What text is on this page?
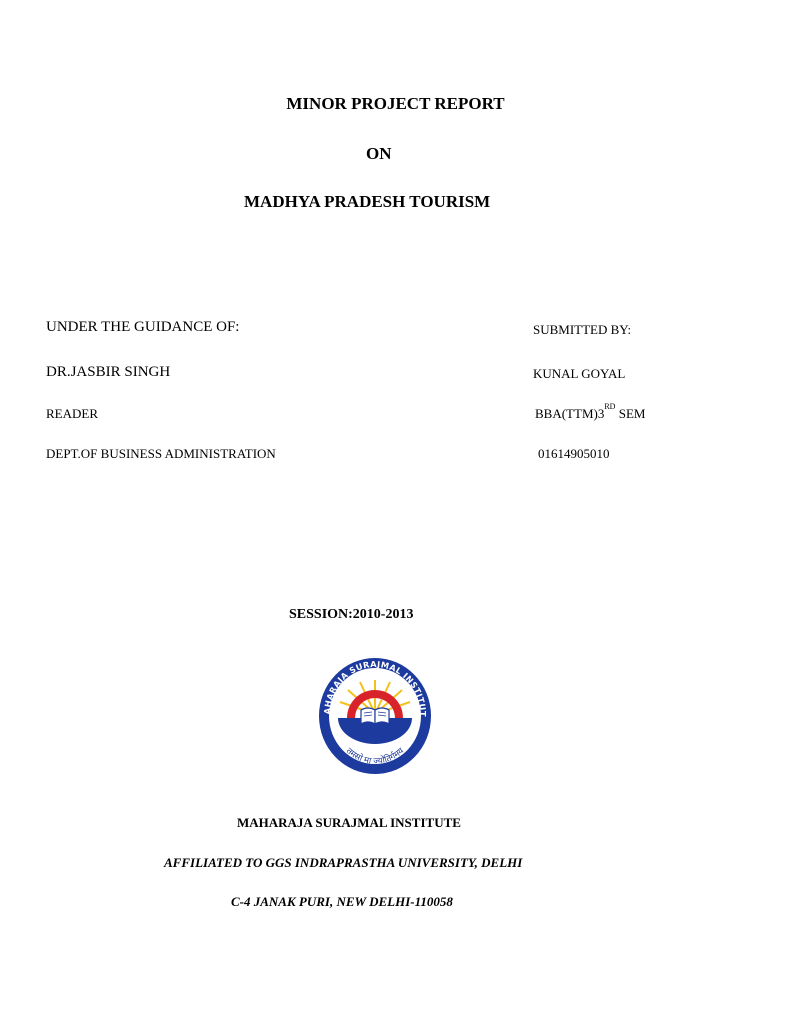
MINOR PROJECT REPORT
ON
MADHYA PRADESH TOURISM
UNDER THE GUIDANCE OF:
DR.JASBIR SINGH
READER
DEPT.OF BUSINESS ADMINISTRATION
SUBMITTED BY:
KUNAL GOYAL
BBA(TTM)3RD SEM
01614905010
SESSION:2010-2013
AHARAJA SURAJMAL INSTITUT
तमसो मा ज्योतिर्गमय
MAHARAJA SURAJMAL INSTITUTE
AFFILIATED TO GGS INDRAPRASTHA UNIVERSITY, DELHI
C-4 JANAK PURI, NEW DELHI-110058
